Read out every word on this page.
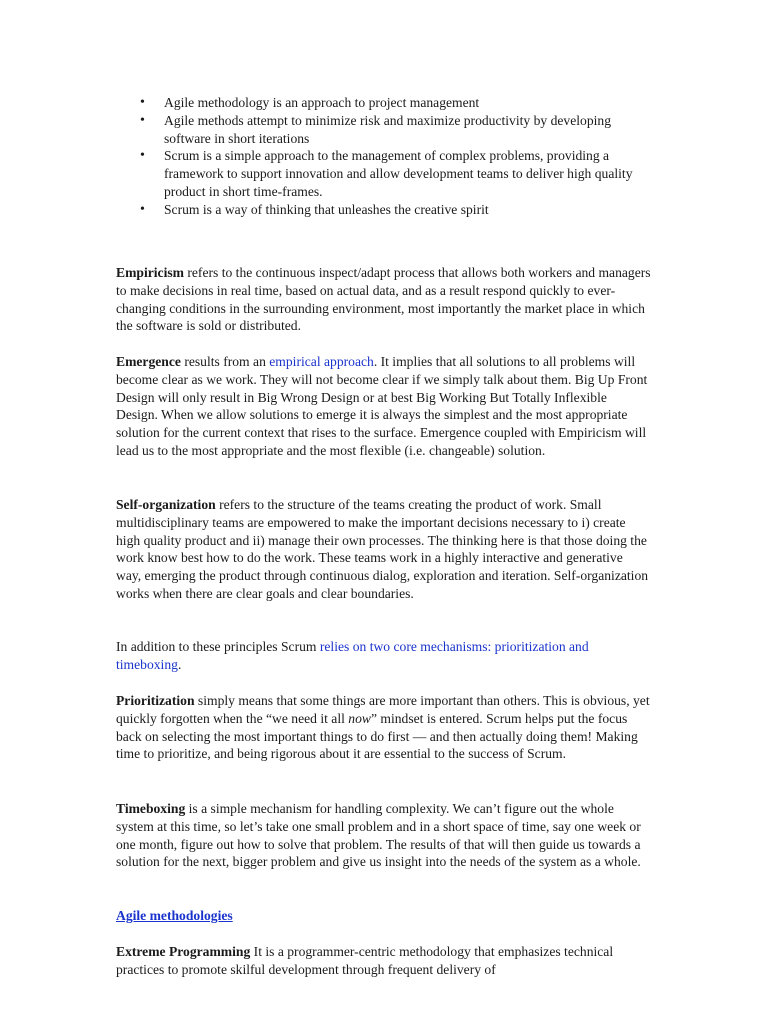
• Agile methodology is an approach to project management
• Agile methods attempt to minimize risk and maximize productivity by developing software in short iterations
• Scrum is a simple approach to the management of complex problems, providing a framework to support innovation and allow development teams to deliver high quality product in short time-frames.
• Scrum is a way of thinking that unleashes the creative spirit

Empiricism refers to the continuous inspect/adapt process that allows both workers and managers to make decisions in real time, based on actual data, and as a result respond quickly to ever-changing conditions in the surrounding environment, most importantly the market place in which the software is sold or distributed.

Emergence results from an empirical approach. It implies that all solutions to all problems will become clear as we work. They will not become clear if we simply talk about them. Big Up Front Design will only result in Big Wrong Design or at best Big Working But Totally Inflexible Design. When we allow solutions to emerge it is always the simplest and the most appropriate solution for the current context that rises to the surface. Emergence coupled with Empiricism will lead us to the most appropriate and the most flexible (i.e. changeable) solution.

Self-organization refers to the structure of the teams creating the product of work. Small multidisciplinary teams are empowered to make the important decisions necessary to i) create high quality product and ii) manage their own processes. The thinking here is that those doing the work know best how to do the work. These teams work in a highly interactive and generative way, emerging the product through continuous dialog, exploration and iteration. Self-organization works when there are clear goals and clear boundaries.

In addition to these principles Scrum relies on two core mechanisms: prioritization and timeboxing.

Prioritization simply means that some things are more important than others. This is obvious, yet quickly forgotten when the “we need it all now” mindset is entered. Scrum helps put the focus back on selecting the most important things to do first — and then actually doing them! Making time to prioritize, and being rigorous about it are essential to the success of Scrum.

Timeboxing is a simple mechanism for handling complexity. We can’t figure out the whole system at this time, so let’s take one small problem and in a short space of time, say one week or one month, figure out how to solve that problem. The results of that will then guide us towards a solution for the next, bigger problem and give us insight into the needs of the system as a whole.

Agile methodologies

Extreme Programming It is a programmer-centric methodology that emphasizes technical practices to promote skilful development through frequent delivery of
